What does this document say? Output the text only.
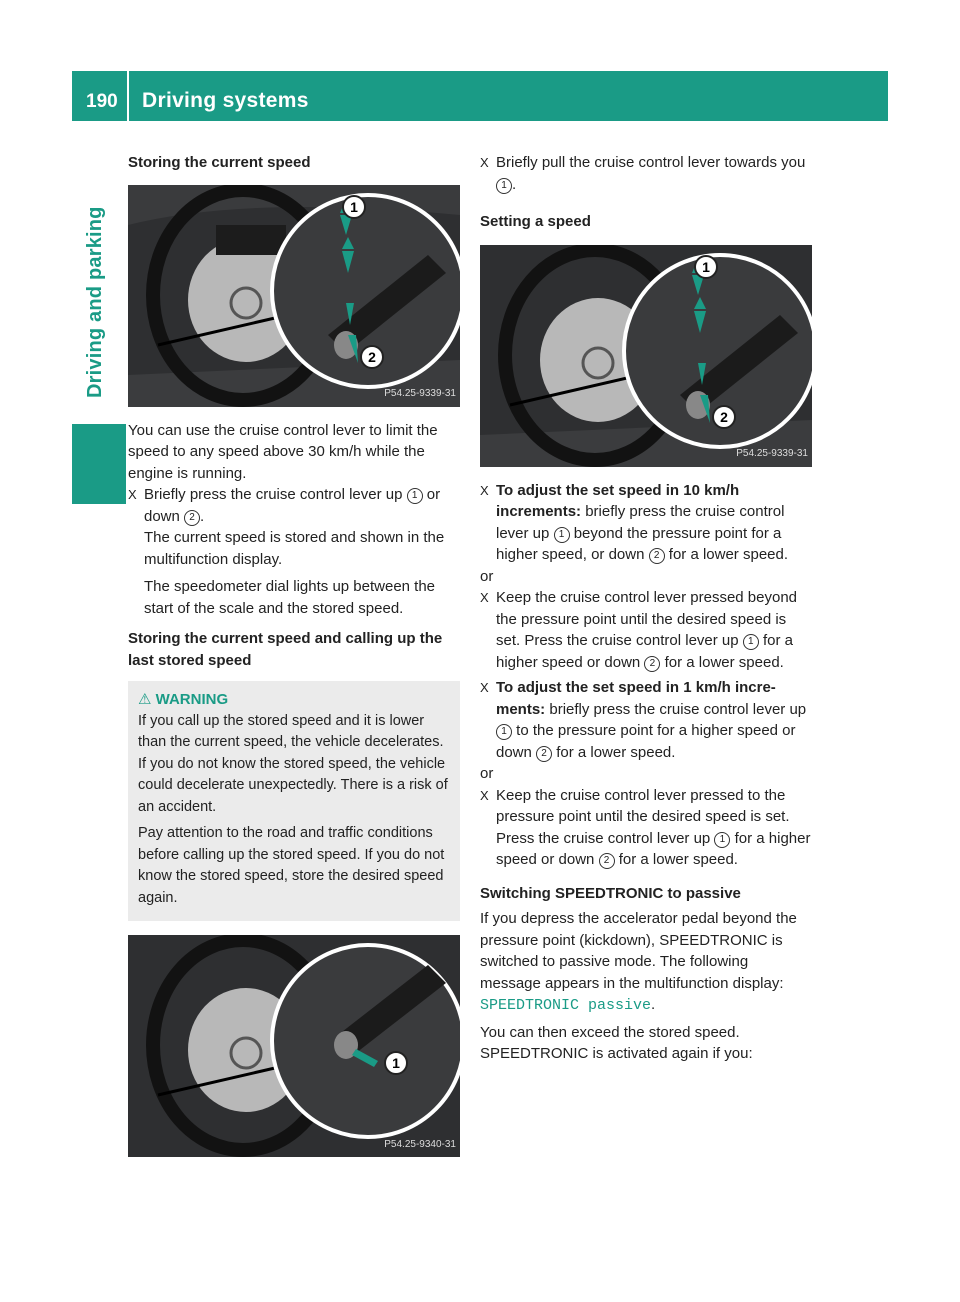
190 Driving systems
Driving and parking

Storing the current speed

1
2
P54.25-9339-31

You can use the cruise control lever to limit the speed to any speed above 30 km/h while the engine is running.

X Briefly press the cruise control lever up 1 or down 2 .

The current speed is stored and shown in the multifunction display.

The speedometer dial lights up between the start of the scale and the stored speed.

Storing the current speed and calling up the last stored speed

⚠ WARNING

If you call up the stored speed and it is lower than the current speed, the vehicle decelerates. If you do not know the stored speed, the vehicle could decelerate unexpectedly. There is a risk of an accident.

Pay attention to the road and traffic conditions before calling up the stored speed. If you do not know the stored speed, store the desired speed again.

1
P54.25-9340-31
X Briefly pull the cruise control lever towards you 1 .

Setting a speed

1
2
P54.25-9339-31
X To adjust the set speed in 10 km/h increments: briefly press the cruise control lever up 1 beyond the pressure point for a higher speed, or down 2 for a lower speed.

or

X Keep the cruise control lever pressed beyond the pressure point until the desired speed is set. Press the cruise control lever up 1 for a higher speed or down 2 for a lower speed.
X To adjust the set speed in 1 km/h increments: briefly press the cruise control lever up 1 to the pressure point for a higher speed or down 2 for a lower speed.

or

X Keep the cruise control lever pressed to the pressure point until the desired speed is set. Press the cruise control lever up 1 for a higher speed or down 2 for a lower speed.

Switching SPEEDTRONIC to passive

If you depress the accelerator pedal beyond the pressure point (kickdown), SPEEDTRONIC is switched to passive mode. The following message appears in the multifunction display: SPEEDTRONIC passive.

You can then exceed the stored speed. SPEEDTRONIC is activated again if you:
